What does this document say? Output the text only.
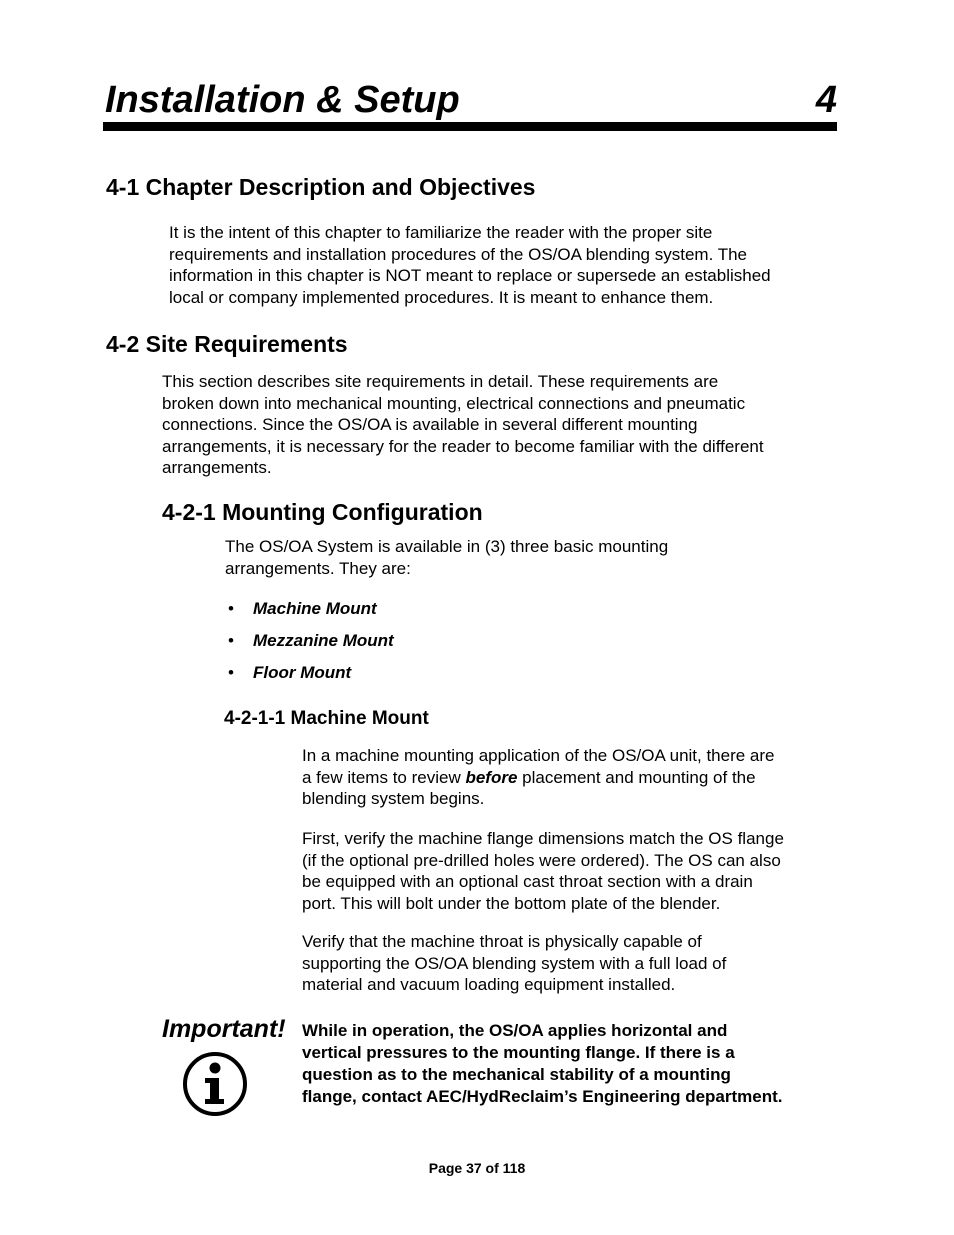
Installation & Setup	4
4-1 Chapter Description and Objectives
It is the intent of this chapter to familiarize the reader with the proper site
requirements and installation procedures of the OS/OA blending system. The
information in this chapter is NOT meant to replace or supersede an established
local or company implemented procedures. It is meant to enhance them.
4-2 Site Requirements
This section describes site requirements in detail. These requirements are
broken down into mechanical mounting, electrical connections and pneumatic
connections. Since the OS/OA is available in several different mounting
arrangements, it is necessary for the reader to become familiar with the different
arrangements.
4-2-1 Mounting Configuration
The OS/OA System is available in (3) three basic mounting
arrangements. They are:
• Machine Mount
• Mezzanine Mount
• Floor Mount
4-2-1-1 Machine Mount
In a machine mounting application of the OS/OA unit, there are
a few items to review before placement and mounting of the
blending system begins.
First, verify the machine flange dimensions match the OS flange
(if the optional pre-drilled holes were ordered). The OS can also
be equipped with an optional cast throat section with a drain
port. This will bolt under the bottom plate of the blender.
Verify that the machine throat is physically capable of
supporting the OS/OA blending system with a full load of
material and vacuum loading equipment installed.
Important! While in operation, the OS/OA applies horizontal and
vertical pressures to the mounting flange. If there is a
question as to the mechanical stability of a mounting
flange, contact AEC/HydReclaim’s Engineering department.
Page 37 of 118
